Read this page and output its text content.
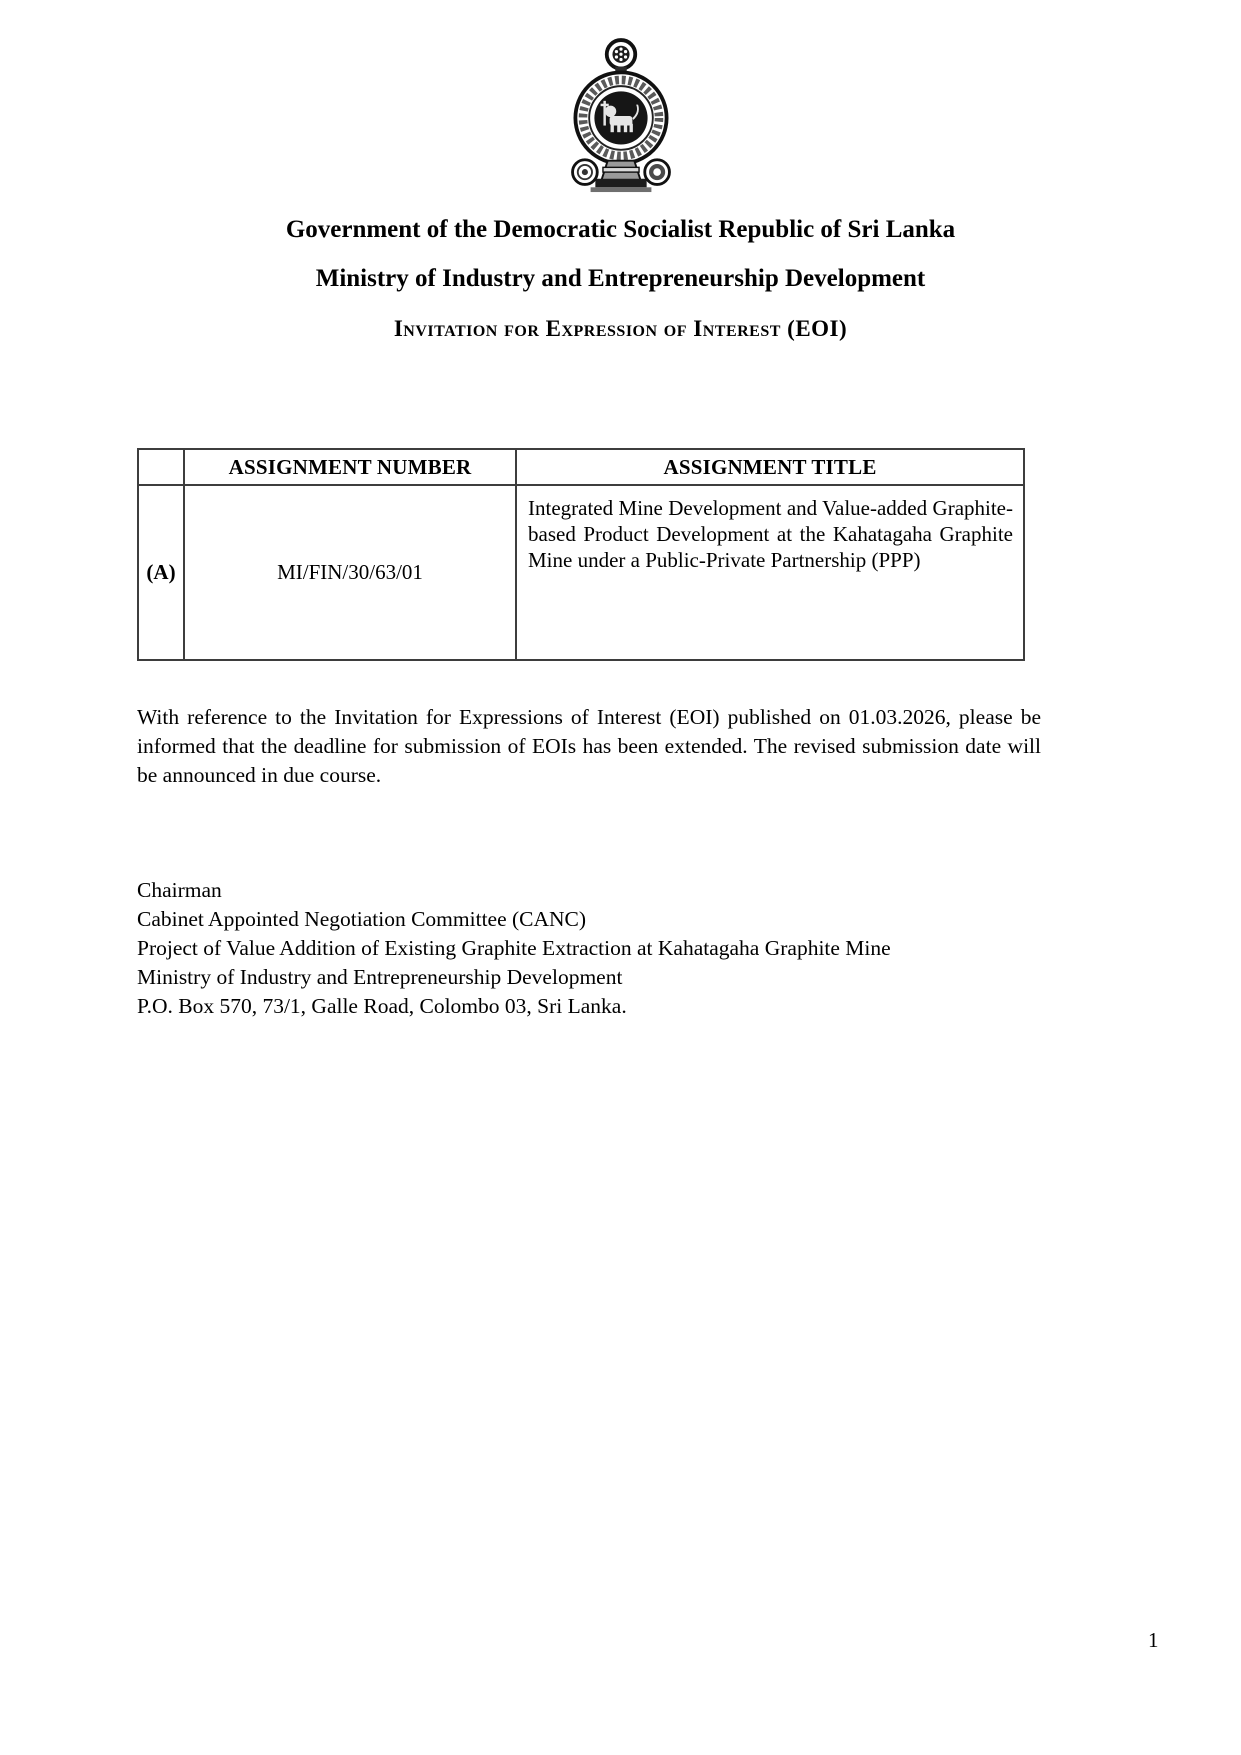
Government of the Democratic Socialist Republic of Sri Lanka
Ministry of Industry and Entrepreneurship Development
Invitation for Expression of Interest (EOI)
	ASSIGNMENT NUMBER	ASSIGNMENT TITLE
(A)	MI/FIN/30/63/01	Integrated Mine Development and Value-added Graphite-based Product Development at the Kahatagaha Graphite Mine under a Public-Private Partnership (PPP)
With reference to the Invitation for Expressions of Interest (EOI) published on 01.03.2026, please be informed that the deadline for submission of EOIs has been extended. The revised submission date will be announced in due course.
Chairman
Cabinet Appointed Negotiation Committee (CANC)
Project of Value Addition of Existing Graphite Extraction at Kahatagaha Graphite Mine
Ministry of Industry and Entrepreneurship Development
P.O. Box 570, 73/1, Galle Road, Colombo 03, Sri Lanka.
1
